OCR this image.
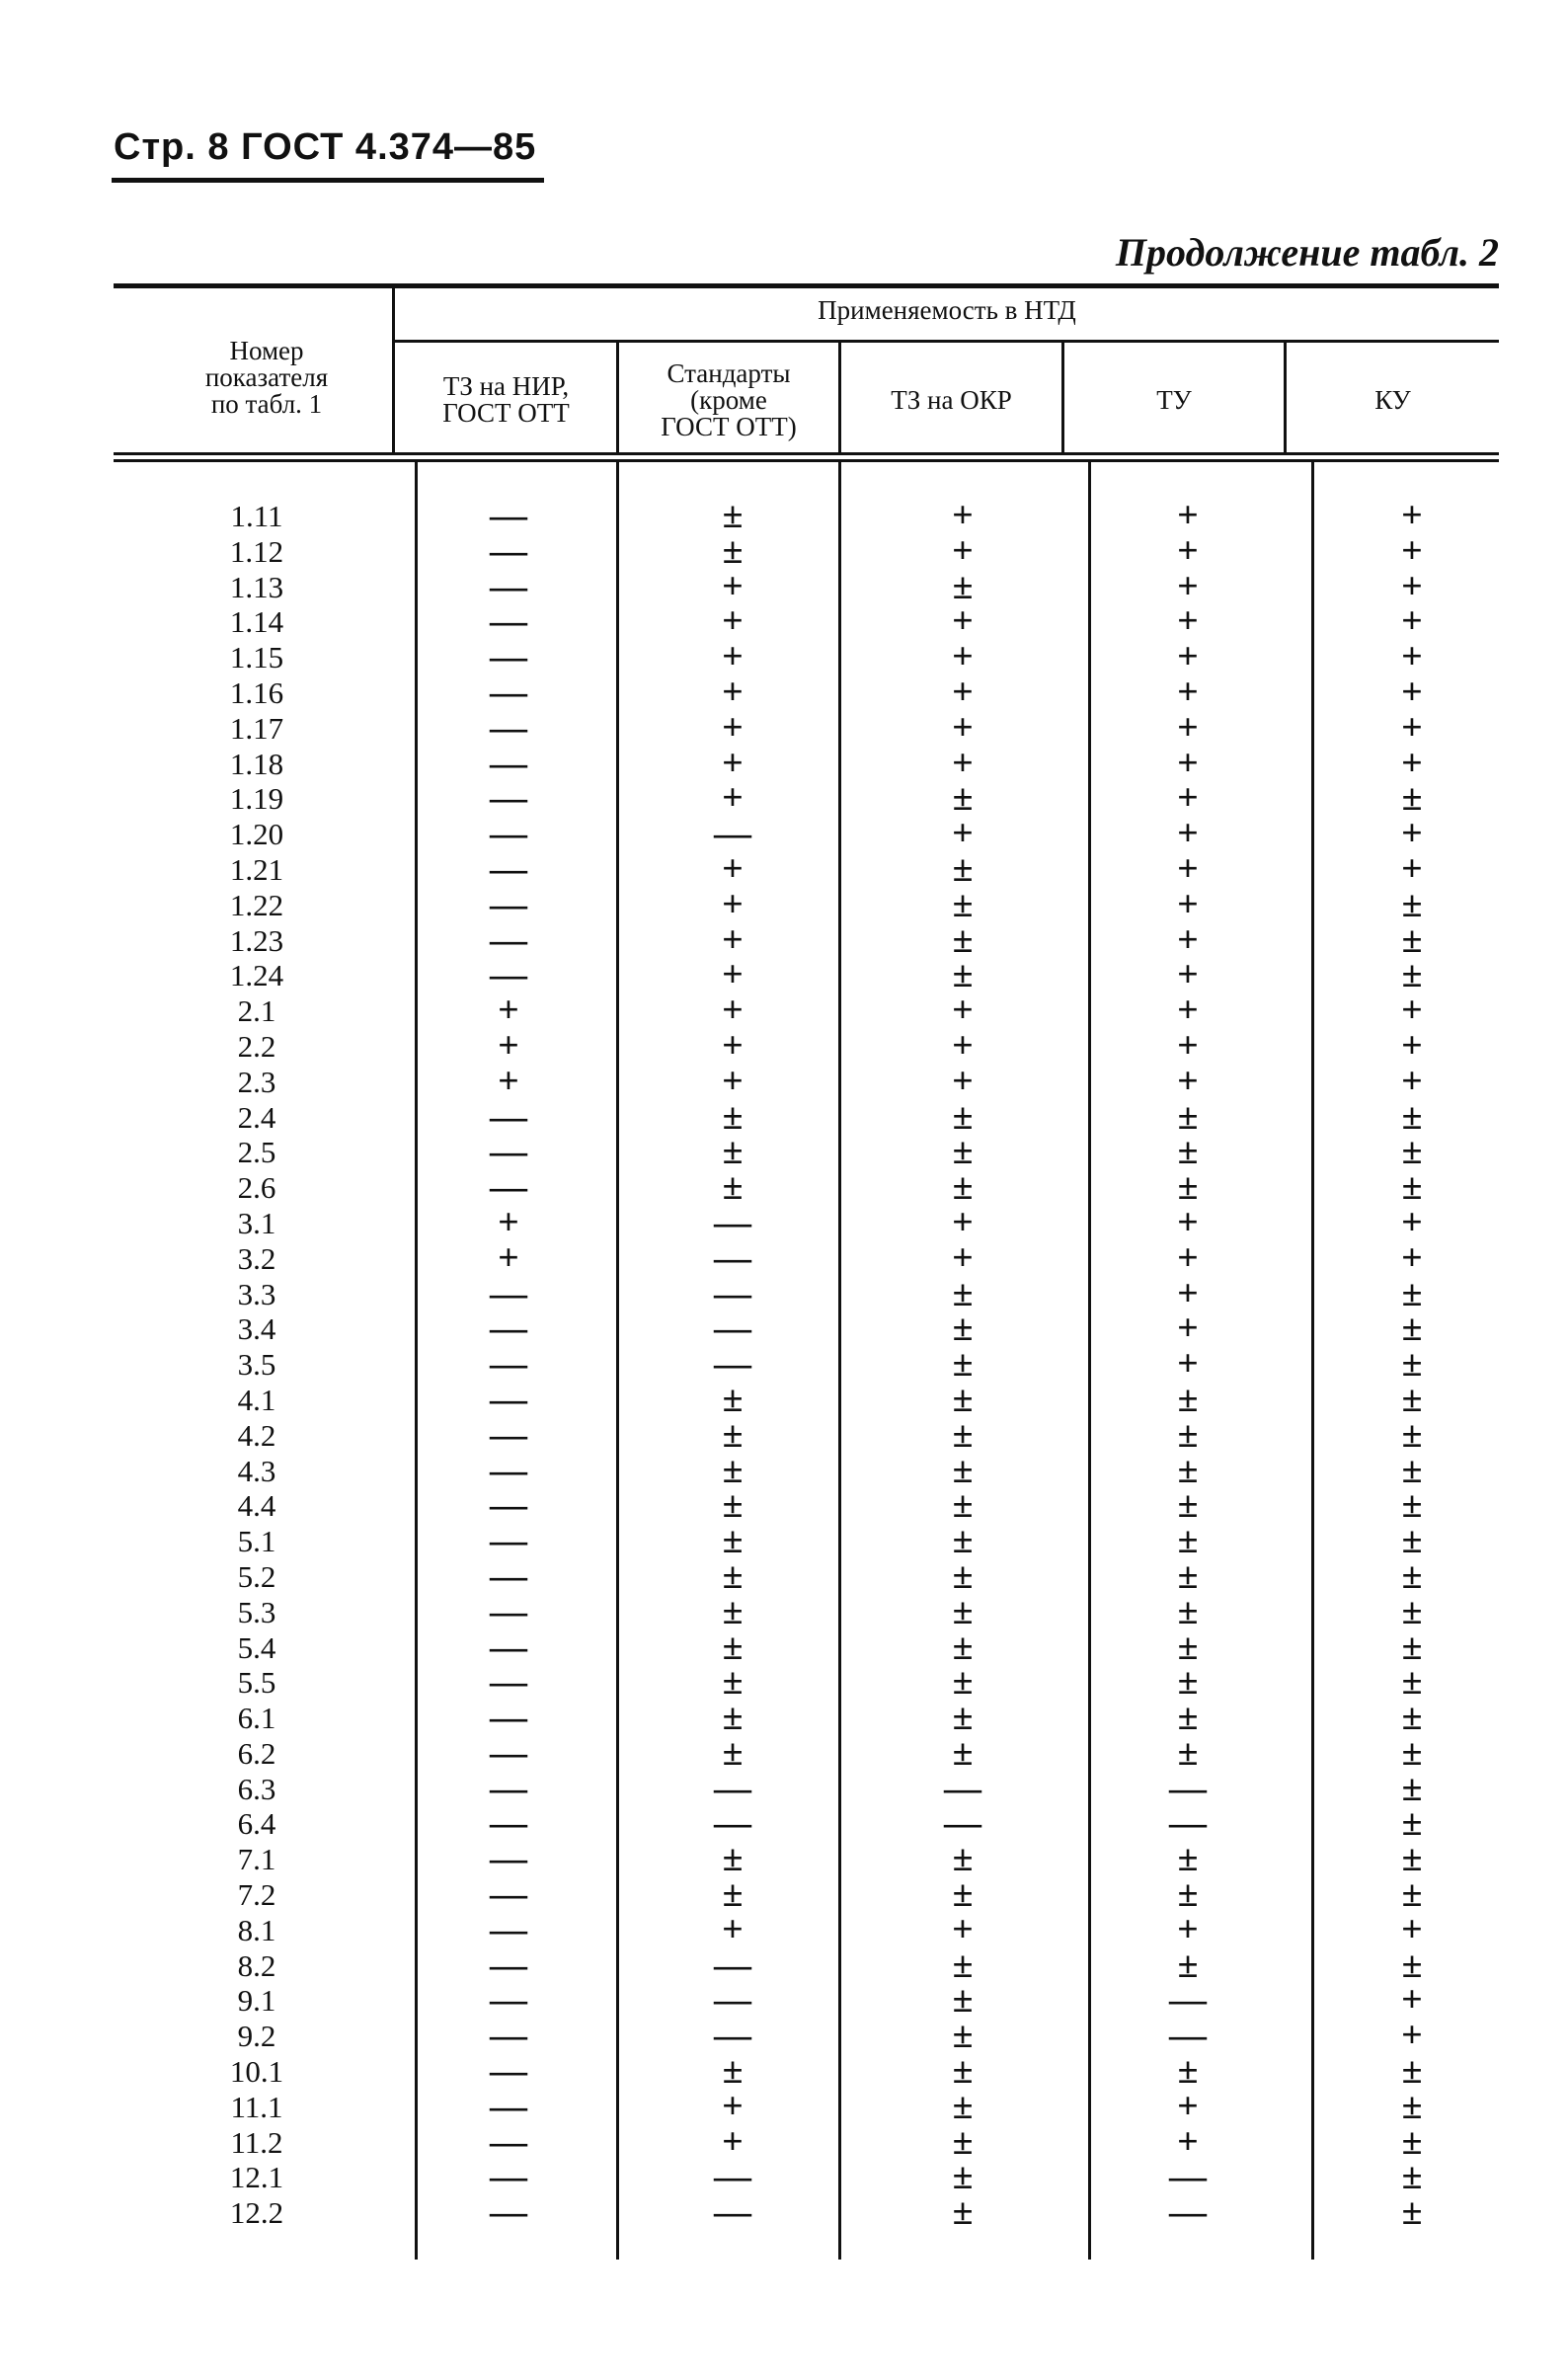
Стр. 8 ГОСТ 4.374—85
Продолжение табл. 2
Применяемость в НТД
Номер
показателя
по табл. 1
ТЗ на НИР,
ГОСТ ОТТ
Стандарты
(кроме
ГОСТ ОТТ)
ТЗ на ОКР	ТУ	КУ
1.11
1.12
1.13
1.14
1.15
1.16
1.17
1.18
1.19
1.20
1.21
1.22
1.23
1.24
2.1
2.2
2.3
2.4
2.5
2.6
3.1
3.2
3.3
3.4
3.5
4.1
4.2
4.3
4.4
5.1
5.2
5.3
5.4
5.5
6.1
6.2
6.3
6.4
7.1
7.2
8.1
8.2
9.1
9.2
10.1
11.1
11.2
12.1
12.2
—
—
—
—
—
—
—
—
—
—
—
—
—
—
+
+
+
—
—
—
+
+
—
—
—
—
—
—
—
—
—
—
—
—
—
—
—
—
—
—
—
—
—
—
—
—
—
—
—
±
±
+
+
+
+
+
+
+
—
+
+
+
+
+
+
+
±
±
±
—
—
—
—
—
±
±
±
±
±
±
±
±
±
±
±
—
—
±
±
+
—
—
—
±
+
+
—
—
+
+
±
+
+
+
+
+
±
+
±
±
±
±
+
+
+
±
±
±
+
+
±
±
±
±
±
±
±
±
±
±
±
±
±
±
—
—
±
±
+
±
±
±
±
±
±
±
±
+
+
+
+
+
+
+
+
+
+
+
+
+
+
+
+
+
±
±
±
+
+
+
+
+
±
±
±
±
±
±
±
±
±
±
±
—
—
±
±
+
±
—
—
±
+
+
—
—
+
+
+
+
+
+
+
+
±
+
+
±
±
±
+
+
+
±
±
±
+
+
±
±
±
±
±
±
±
±
±
±
±
±
±
±
±
±
±
±
+
±
+
+
±
±
±
±
±
